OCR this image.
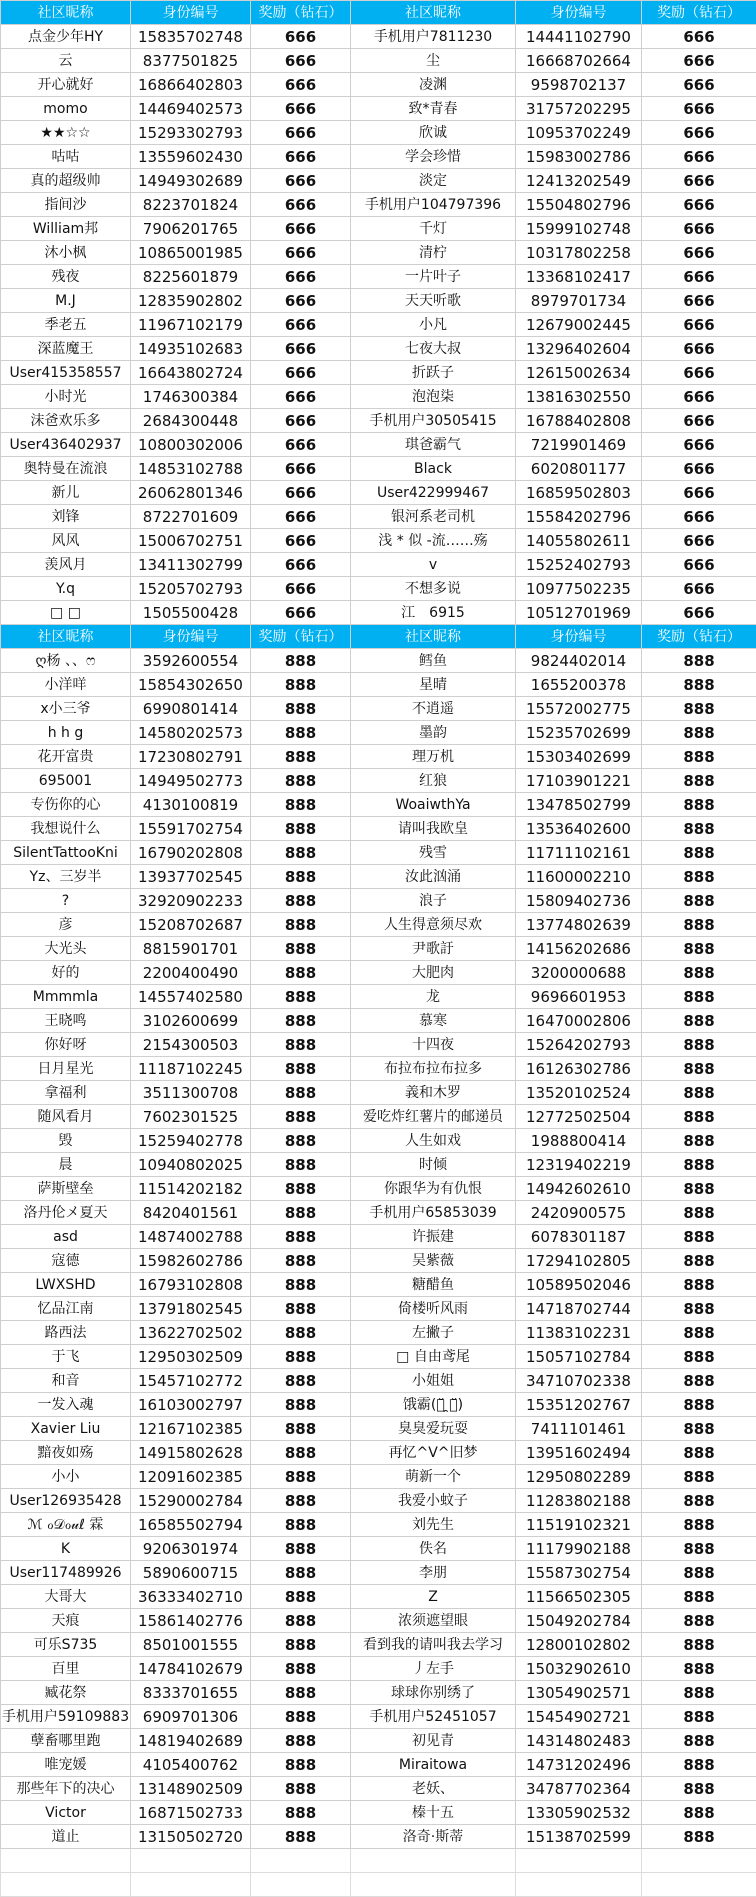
社区昵称	身份编号	奖励（钻石）	社区昵称	身份编号	奖励（钻石）
点金少年HY	15835702748	666	手机用户7811230	14441102790	666
云	8377501825	666	尘	16668702664	666
开心就好	16866402803	666	凌渊	9598702137	666
momo	14469402573	666	致*青春	31757202295	666
★★☆☆	15293302793	666	欣诚	10953702249	666
咕咕	13559602430	666	学会珍惜	15983002786	666
真的超级帅	14949302689	666	淡定	12413202549	666
指间沙	8223701824	666	手机用户104797396	15504802796	666
William邦	7906201765	666	千灯	15999102748	666
沐小枫	10865001985	666	清柠	10317802258	666
残夜	8225601879	666	一片叶子	13368102417	666
M.J	12835902802	666	天天听歌	8979701734	666
季老五	11967102179	666	小凡	12679002445	666
深蓝魔王	14935102683	666	七夜大叔	13296402604	666
User415358557	16643802724	666	折跃子	12615002634	666
小时光	1746300384	666	泡泡柒	13816302550	666
沫爸欢乐多	2684300448	666	手机用户30505415	16788402808	666
User436402937	10800302006	666	琪爸霸气	7219901469	666
奥特曼在流浪	14853102788	666	Black	6020801177	666
新儿	26062801346	666	User422999467	16859502803	666
刘锋	8722701609	666	银河系老司机	15584202796	666
风风	15006702751	666	浅 * 似 -流……殇	14055802611	666
羡风月	13411302799	666	v	15252402793	666
Y.q	15205702793	666	不想多说	10977502235	666
□ □	1505500428	666	江　6915	10512701969	666
社区昵称	身份编号	奖励（钻石）	社区昵称	身份编号	奖励（钻石）
ღ杨 、、ෆ	3592600554	888	鳕鱼	9824402014	888
小洋咩	15854302650	888	星晴	1655200378	888
x小三爷	6990801414	888	不逍遥	15572002775	888
h h g	14580202573	888	墨韵	15235702699	888
花开富贵	17230802791	888	理万机	15303402699	888
695001	14949502773	888	红狼	17103901221	888
专伤你的心	4130100819	888	WoaiwthYa	13478502799	888
我想说什么	15591702754	888	请叫我欧皇	13536402600	888
SilentTattooKni	16790202808	888	残雪	11711102161	888
Yz、三岁半	13937702545	888	汝此汹涌	11600002210	888
?	32920902233	888	浪子	15809402736	888
彦	15208702687	888	人生得意须尽欢	13774802639	888
大光头	8815901701	888	尹歌訏	14156202686	888
好的	2200400490	888	大肥肉	3200000688	888
Mmmmla	14557402580	888	龙	9696601953	888
王晓鸣	3102600699	888	慕寒	16470002806	888
你好呀	2154300503	888	十四夜	15264202793	888
日月星光	11187102245	888	布拉布拉布拉多	16126302786	888
拿福利	3511300708	888	義和木罗	13520102524	888
随风看月	7602301525	888	爱吃炸红薯片的邮递员	12772502504	888
毁	15259402778	888	人生如戏	1988800414	888
晨	10940802025	888	时倾	12319402219	888
萨斯壁垒	11514202182	888	你跟华为有仇恨	14942602610	888
洛丹伦メ夏天	8420401561	888	手机用户65853039	2420900575	888
asd	14874002788	888	许振建	6078301187	888
寇德	15982602786	888	吴紫薇	17294102805	888
LWXSHD	16793102808	888	糖醋鱼	10589502046	888
忆品江南	13791802545	888	倚楼听风雨	14718702744	888
路西法	13622702502	888	左撇子	11383102231	888
于飞	12950302509	888	□ 自由鸢尾	15057102784	888
和音	15457102772	888	小姐姐	34710702338	888
一发入魂	16103002797	888	饿霸(・̆ ̯・̆)	15351202767	888
Xavier Liu	12167102385	888	臭臭爱玩耍	7411101461	888
黯夜如殇	14915802628	888	再忆^V^旧梦	13951602494	888
小小	12091602385	888	萌新一个	12950802289	888
User126935428	15290002784	888	我爱小蚊子	11283802188	888
ℳ ℴ𝒟ℴ𝓊ℓ 霖	16585502794	888	刘先生	11519102321	888
K	9206301974	888	佚名	11179902188	888
User117489926	5890600715	888	李朋	15587302754	888
大哥大	36333402710	888	Z	11566502305	888
天痕	15861402776	888	浓须遮望眼	15049202784	888
可乐S735	8501001555	888	看到我的请叫我去学习	12800102802	888
百里	14784102679	888	丿左手	15032902610	888
臧花祭	8333701655	888	球球你别绣了	13054902571	888
手机用户59109883	6909701306	888	手机用户52451057	15454902721	888
孽畜哪里跑	14819402689	888	初见青	14314802483	888
唯宠媛	4105400762	888	Miraitowa	14731202496	888
那些年下的决心	13148902509	888	老妖、	34787702364	888
Victor	16871502733	888	榛十五	13305902532	888
道止	13150502720	888	洛奇·斯蒂	15138702599	888
